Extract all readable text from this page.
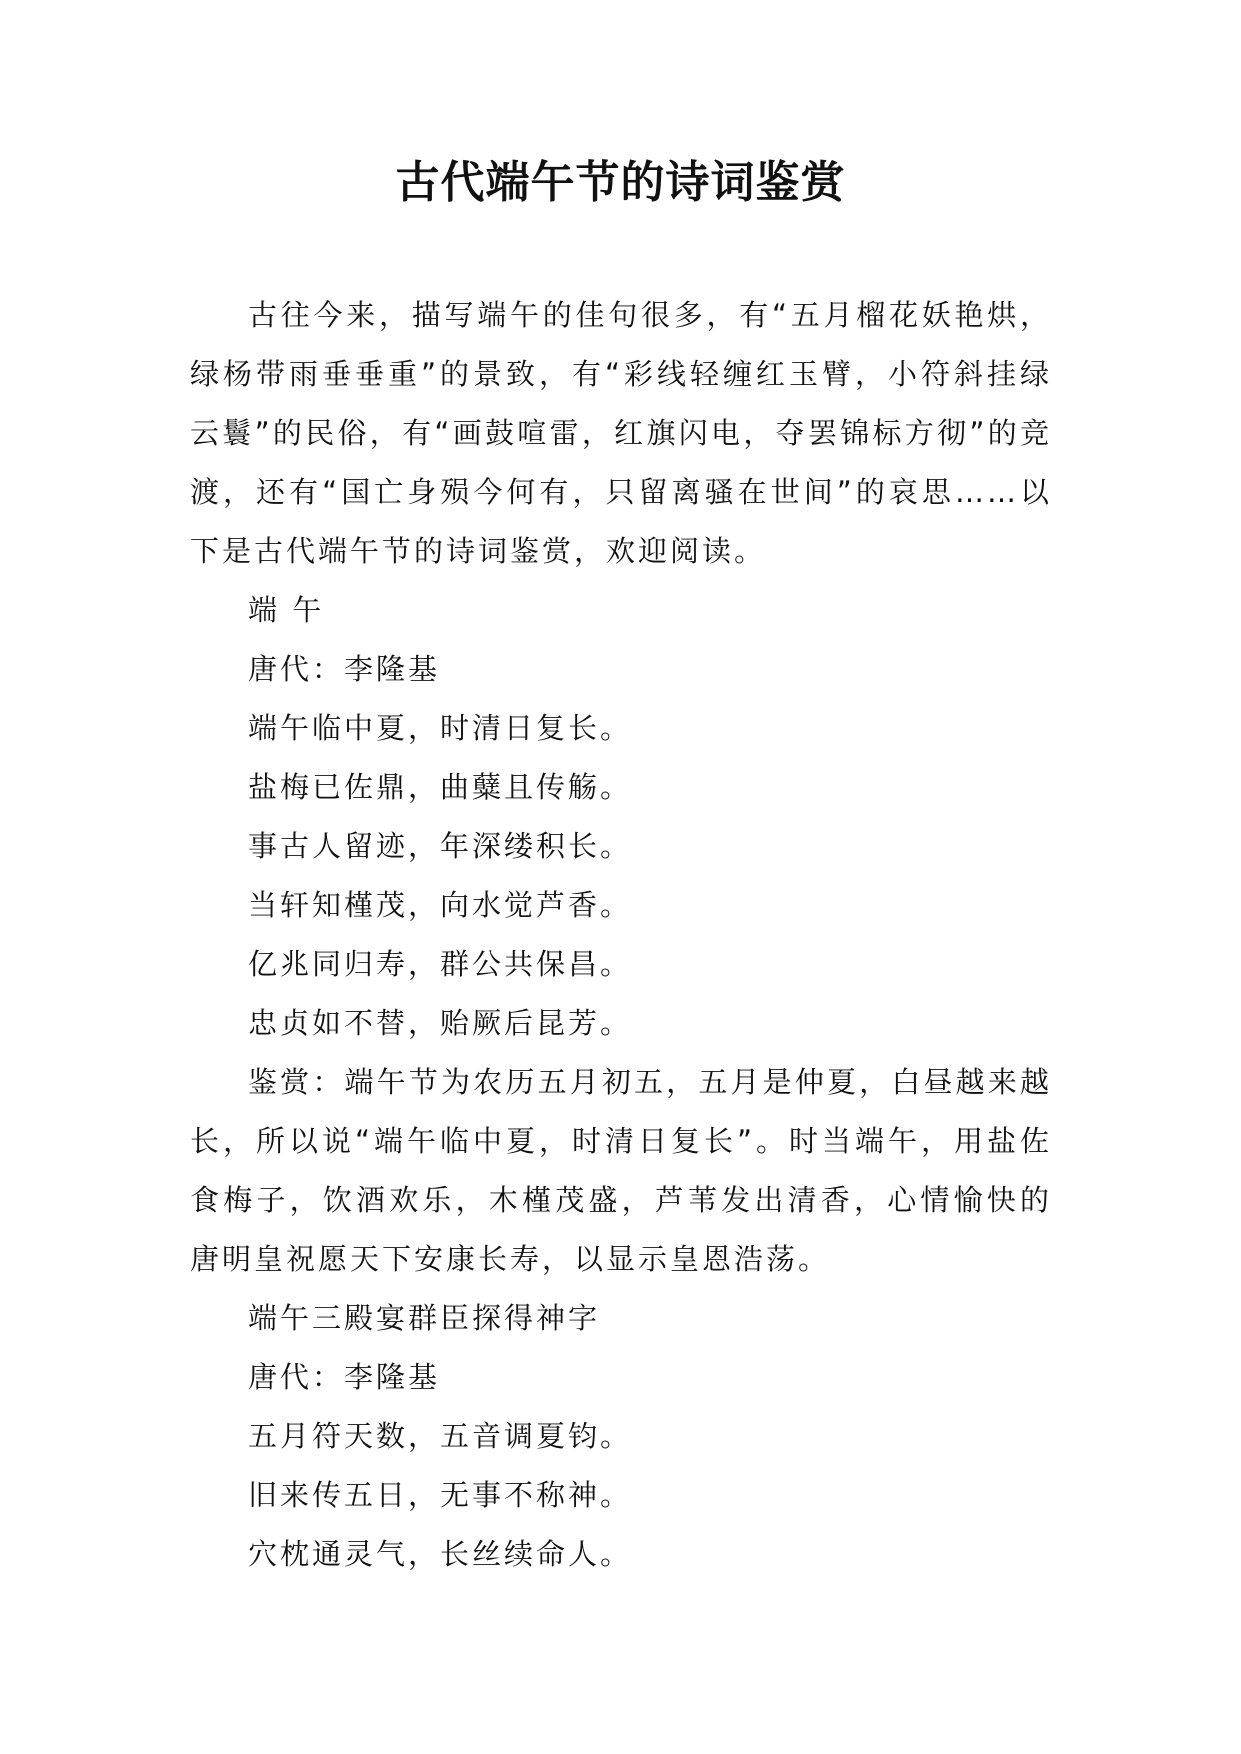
古代端午节的诗词鉴赏

古往今来，描写端午的佳句很多，有“五月榴花妖艳烘，绿杨带雨垂垂重”的景致，有“彩线轻缠红玉臂，小符斜挂绿云鬟”的民俗，有“画鼓喧雷，红旗闪电，夺罢锦标方彻”的竞渡，还有“国亡身殒今何有，只留离骚在世间”的哀思……以下是古代端午节的诗词鉴赏，欢迎阅读。

端 午

唐代：李隆基

端午临中夏，时清日复长。

盐梅已佐鼎，曲糵且传觞。

事古人留迹，年深缕积长。

当轩知槿茂，向水觉芦香。

亿兆同归寿，群公共保昌。

忠贞如不替，贻厥后昆芳。

鉴赏：端午节为农历五月初五，五月是仲夏，白昼越来越长，所以说“端午临中夏，时清日复长”。时当端午，用盐佐食梅子，饮酒欢乐，木槿茂盛，芦苇发出清香，心情愉快的唐明皇祝愿天下安康长寿，以显示皇恩浩荡。

端午三殿宴群臣探得神字

唐代：李隆基

五月符天数，五音调夏钧。

旧来传五日，无事不称神。

穴枕通灵气，长丝续命人。
